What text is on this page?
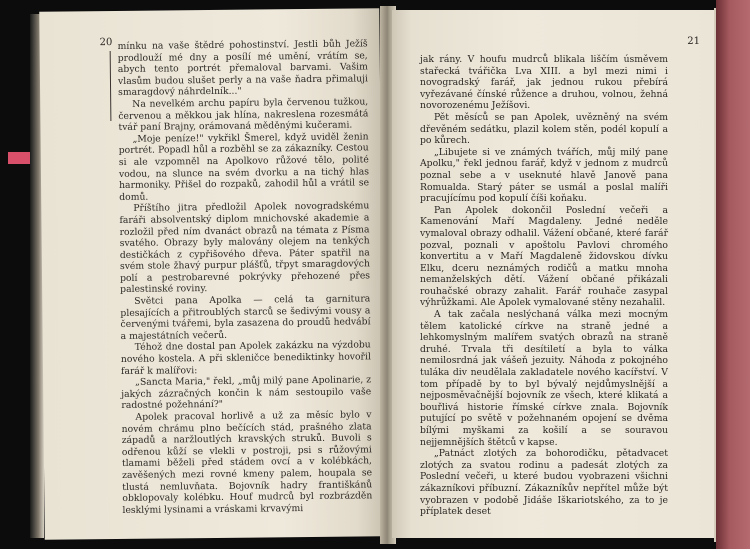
20 mínku na vaše štědré pohostinství. Jestli bůh Ježíš prodlouží mé dny a posílí mé umění, vrátím se, abych tento portrét přemaloval barvami. Vašim vlasům budou slušet perly a na vaše ňadra přimaluji smaragdový náhrdelník..."

Na nevelkém archu papíru byla červenou tužkou, červenou a měkkou jak hlína, nakreslena rozesmátá tvář paní Brajny, orámovaná měděnými kučerami.

„Moje peníze!" vykřikl Šmerel, když uviděl ženin portrét. Popadl hůl a rozběhl se za zákazníky. Cestou si ale vzpomněl na Apolkovo růžové tělo, polité vodou, na slunce na svém dvorku a na tichý hlas harmoniky. Přišel do rozpaků, zahodil hůl a vrátil se domů.

Příštího jitra předložil Apolek novogradskému faráři absolventský diplom mnichovské akademie a rozložil před ním dvanáct obrazů na témata z Písma svatého. Obrazy byly malovány olejem na tenkých destičkách z cypřišového dřeva. Páter spatřil na svém stole žhavý purpur plášťů, třpyt smaragdových polí a pestrobarevné pokrývky přehozené přes palestinské roviny.

Světci pana Apolka — celá ta garnitura plesajících a přitroublých starců se šedivými vousy a červenými tvářemi, byla zasazena do proudů hedvábí a majestátních večerů.

Téhož dne dostal pan Apolek zakázku na výzdobu nového kostela. A při skleničce benediktinky hovořil farář k malířovi:

„Sancta Maria," řekl, „můj milý pane Apolinarie, z jakých zázračných končin k nám sestoupilo vaše radostné požehnání?"

Apolek pracoval horlivě a už za měsíc bylo v novém chrámu plno bečících stád, prašného zlata západů a naržloutlých kravských struků. Buvoli s odřenou kůží se vlekli v postroji, psi s růžovými tlamami běželi před stádem ovcí a v kolébkách, zavěšených mezi rovné kmeny palem, houpala se tlustá nemluvňata. Bojovník hadry františkánů obklopovaly kolébku. Houf mudrců byl rozbrázděn lesklými lysinami a vráskami krvavými

21

jak rány. V houfu mudrců blikala liščím úsměvem stařecká tvářička Lva XIII. a byl mezi nimi i novogradský farář, jak jednou rukou přebírá vyřezávané čínské růžence a druhou, volnou, žehná novorozenému Ježíšovi.

Pět měsíců se pan Apolek, uvězněný na svém dřevěném sedátku, plazil kolem stěn, podél kopulí a po kůrech.

„Libujete si ve známých tvářích, můj milý pane Apolku," řekl jednou farář, když v jednom z mudrců poznal sebe a v useknuté hlavě Janově pana Romualda. Starý páter se usmál a poslal malíři pracujícímu pod kopulí číši koňaku.

Pan Apolek dokončil Poslední večeři a Kamenování Maří Magdaleny. Jedné neděle vymaloval obrazy odhalil. Vážení občané, které farář pozval, poznali v apoštolu Pavlovi chromého konvertitu a v Maří Magdaleně židovskou dívku Elku, dceru neznámých rodičů a matku mnoha nemanželských dětí. Vážení občané přikázali rouhačské obrazy zahalit. Farář rouhače zasypal výhrůžkami. Ale Apolek vymalované stěny nezahalil.

A tak začala neslýchaná válka mezi mocným tělem katolické církve na straně jedné a lehkomyslným malířem svatých obrazů na straně druhé. Trvala tři desítiletí a byla to válka nemilosrdná jak vášeň jezuity. Náhoda z pokojného tuláka div neudělala zakladatele nového kacířství. V tom případě by to byl bývalý nejdůmyslnější a nejposměvačnější bojovník ze všech, které klikatá a bouřlivá historie římské církve znala. Bojovník putující po světě v požehnaném opojení se dvěma bílými myškami za košilí a se souravou nejjemnějších štětců v kapse.

„Patnáct zlotých za bohorodičku, pětadvacet zlotých za svatou rodinu a padesát zlotých za Poslední večeři, u které budou vyobrazeni všichni zákazníkovi příbuzní. Zákazníkův nepřítel může být vyobrazen v podobě Jidáše Iškariotského, za to je příplatek deset
